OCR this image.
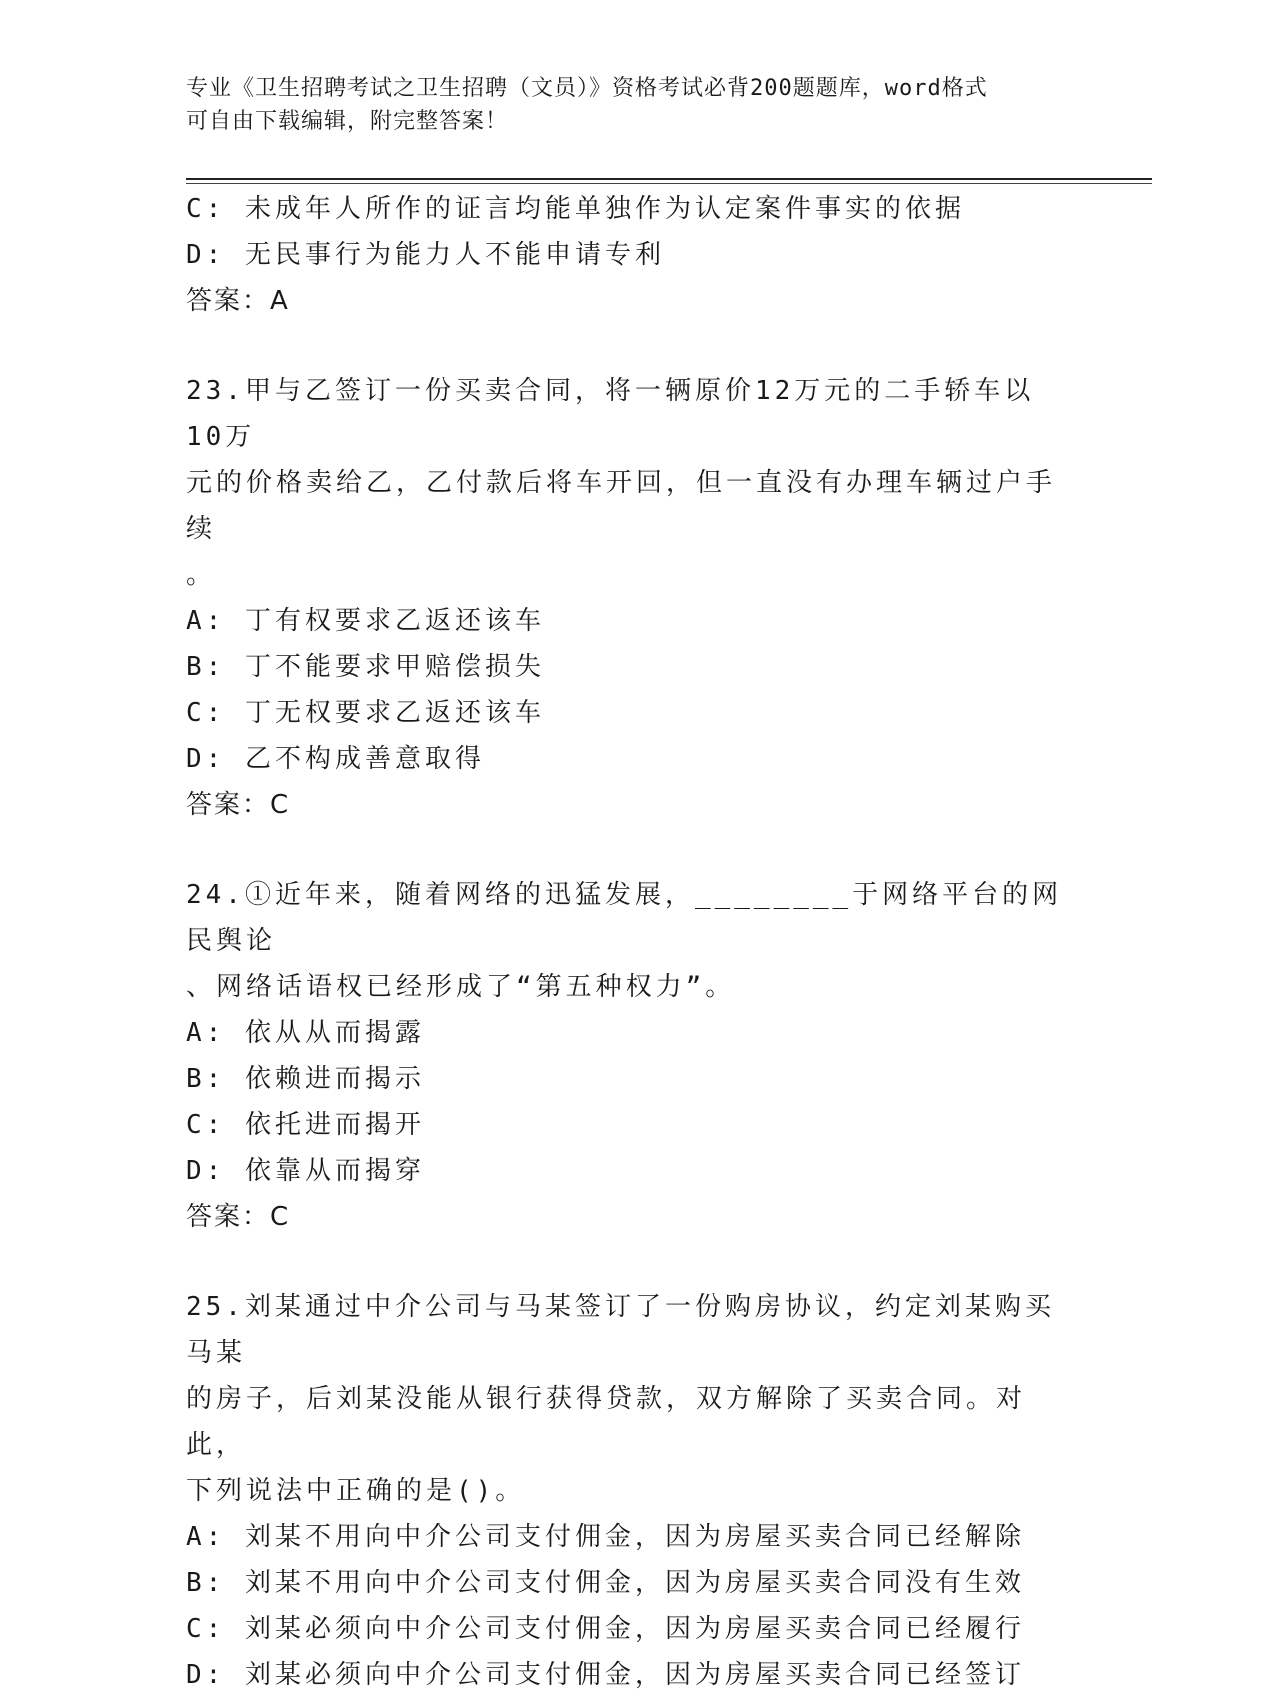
专业《卫生招聘考试之卫生招聘（文员）》资格考试必背200题题库，word格式
可自由下载编辑，附完整答案！
C: 未成年人所作的证言均能单独作为认定案件事实的依据
D: 无民事行为能力人不能申请专利
答案：A
23.甲与乙签订一份买卖合同，将一辆原价12万元的二手轿车以10万
元的价格卖给乙，乙付款后将车开回，但一直没有办理车辆过户手续
。
A: 丁有权要求乙返还该车
B: 丁不能要求甲赔偿损失
C: 丁无权要求乙返还该车
D: 乙不构成善意取得
答案：C
24.①近年来，随着网络的迅猛发展，________于网络平台的网民舆论
、网络话语权已经形成了“第五种权力”。
A: 依从从而揭露
B: 依赖进而揭示
C: 依托进而揭开
D: 依靠从而揭穿
答案：C
25.刘某通过中介公司与马某签订了一份购房协议，约定刘某购买马某
的房子，后刘某没能从银行获得贷款，双方解除了买卖合同。对此，
下列说法中正确的是()。
A: 刘某不用向中介公司支付佣金，因为房屋买卖合同已经解除
B: 刘某不用向中介公司支付佣金，因为房屋买卖合同没有生效
C: 刘某必须向中介公司支付佣金，因为房屋买卖合同已经履行
D: 刘某必须向中介公司支付佣金，因为房屋买卖合同已经签订
